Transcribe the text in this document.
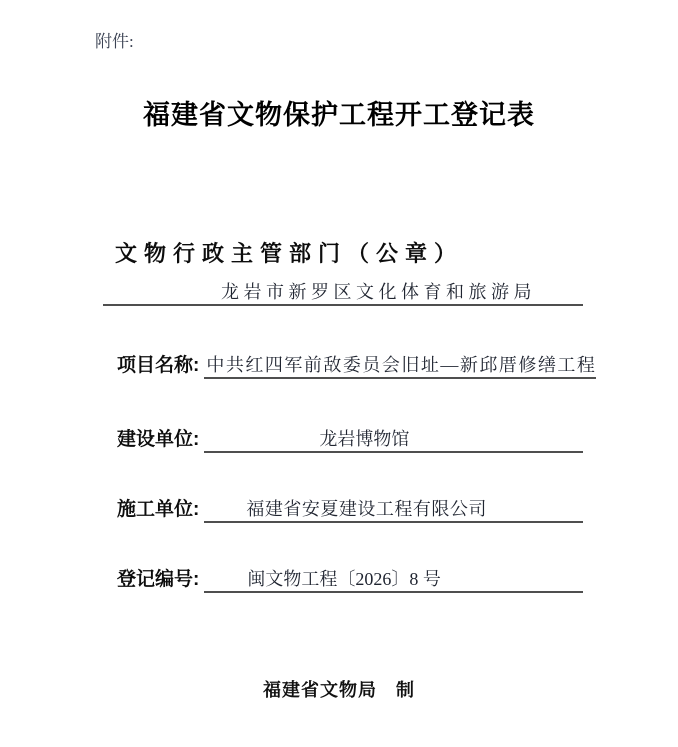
附件:
福建省文物保护工程开工登记表
文物行政主管部门（公章）
龙岩市新罗区文化体育和旅游局
项目名称: 中共红四军前敌委员会旧址—新邱厝修缮工程
建设单位:	龙岩博物馆
施工单位:	福建省安夏建设工程有限公司
登记编号:	闽文物工程〔2026〕8 号
福建省文物局　制
